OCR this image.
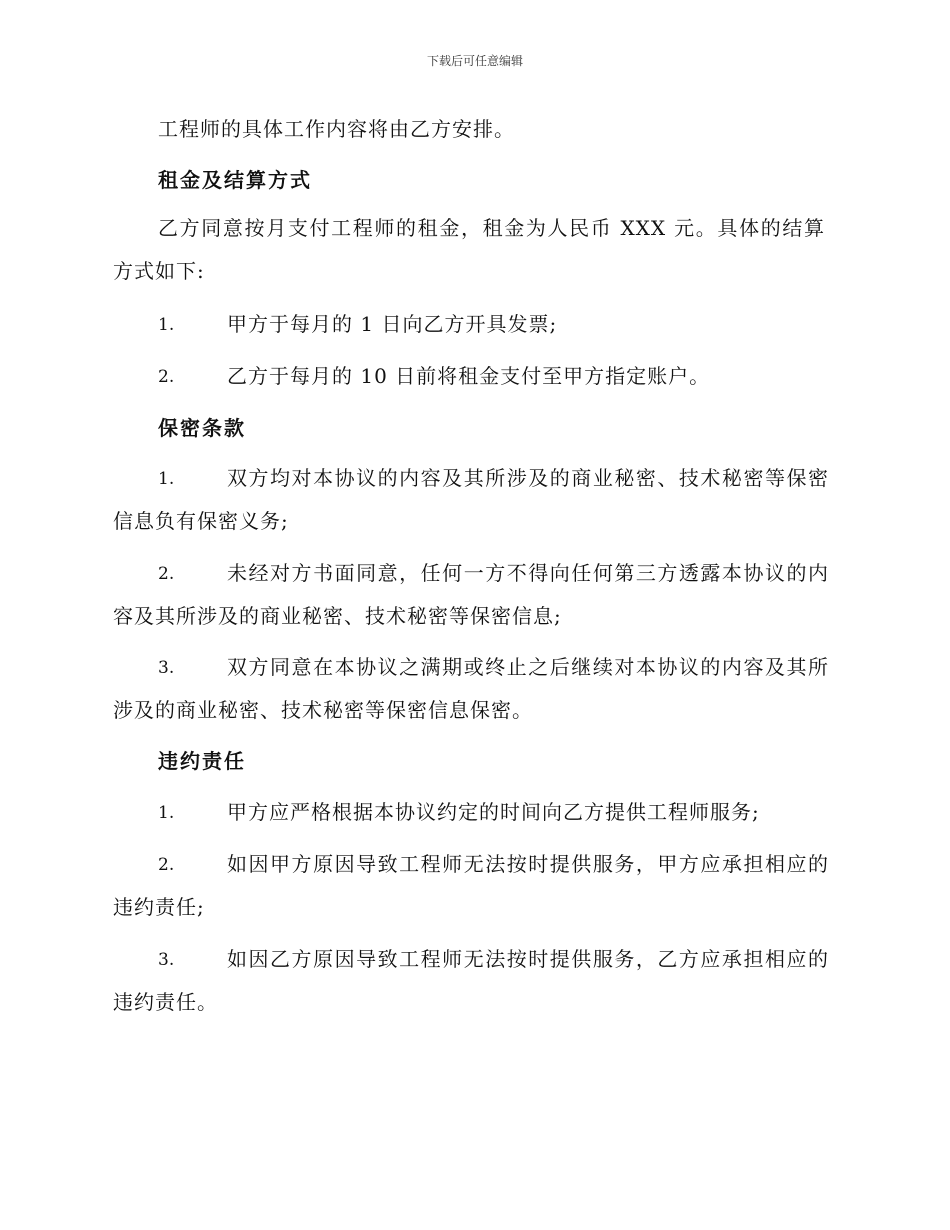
下载后可任意编辑
工程师的具体工作内容将由乙方安排。
租金及结算方式
乙方同意按月支付工程师的租金，租金为人民币 XXX 元。具体的结算方式如下:
1.	甲方于每月的 1 日向乙方开具发票;
2.	乙方于每月的 10 日前将租金支付至甲方指定账户。
保密条款
1.	双方均对本协议的内容及其所涉及的商业秘密、技术秘密等保密信息负有保密义务;
2.	未经对方书面同意，任何一方不得向任何第三方透露本协议的内容及其所涉及的商业秘密、技术秘密等保密信息;
3.	双方同意在本协议之满期或终止之后继续对本协议的内容及其所涉及的商业秘密、技术秘密等保密信息保密。
违约责任
1.	甲方应严格根据本协议约定的时间向乙方提供工程师服务;
2.	如因甲方原因导致工程师无法按时提供服务，甲方应承担相应的违约责任;
3.	如因乙方原因导致工程师无法按时提供服务，乙方应承担相应的违约责任。
